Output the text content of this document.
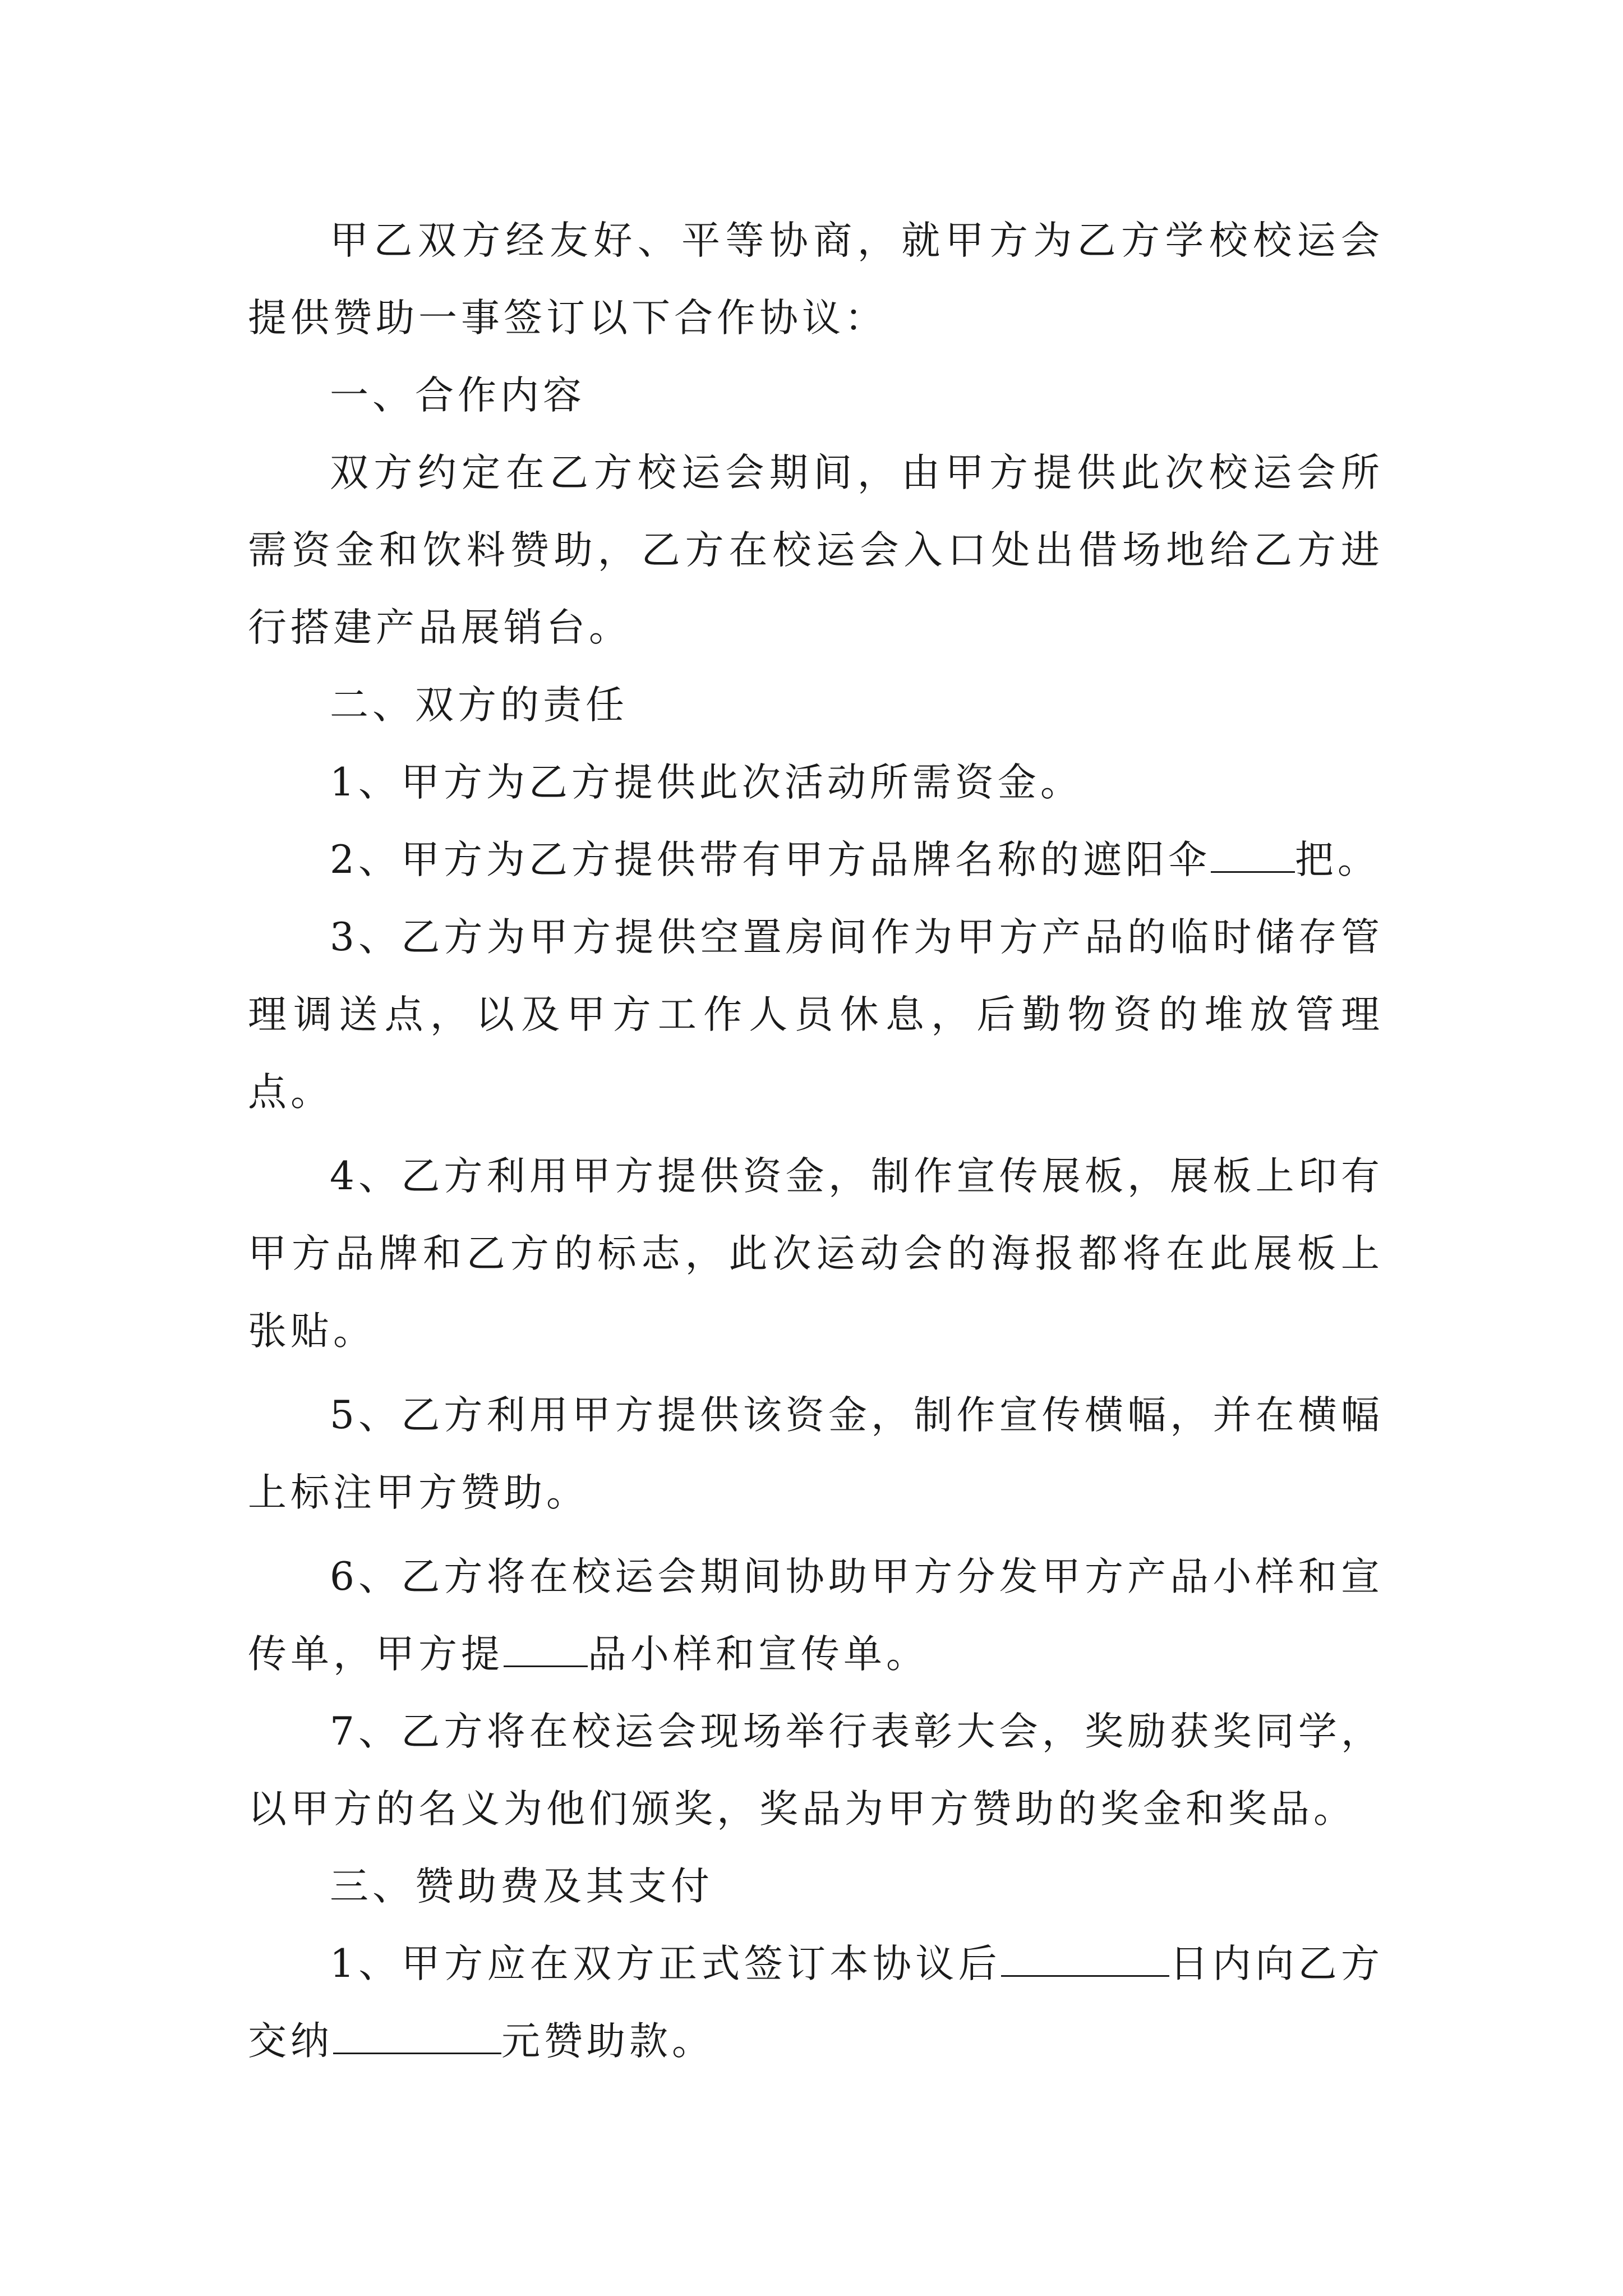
甲乙双方经友好、平等协商，就甲方为乙方学校校运会提供赞助一事签订以下合作协议：

一、合作内容

双方约定在乙方校运会期间，由甲方提供此次校运会所需资金和饮料赞助，乙方在校运会入口处出借场地给乙方进行搭建产品展销台。

二、双方的责任

1、甲方为乙方提供此次活动所需资金。

2、甲方为乙方提供带有甲方品牌名称的遮阳伞 把。

3、乙方为甲方提供空置房间作为甲方产品的临时储存管理调送点，以及甲方工作人员休息，后勤物资的堆放管理点。

4、乙方利用甲方提供资金，制作宣传展板，展板上印有甲方品牌和乙方的标志，此次运动会的海报都将在此展板上张贴。

5、乙方利用甲方提供该资金，制作宣传横幅，并在横幅上标注甲方赞助。

6、乙方将在校运会期间协助甲方分发甲方产品小样和宣传单，甲方提 品小样和宣传单。

7、乙方将在校运会现场举行表彰大会，奖励获奖同学，以甲方的名义为他们颁奖，奖品为甲方赞助的奖金和奖品。

三、赞助费及其支付

1、甲方应在双方正式签订本协议后	日内向乙方交纳	元赞助款。
